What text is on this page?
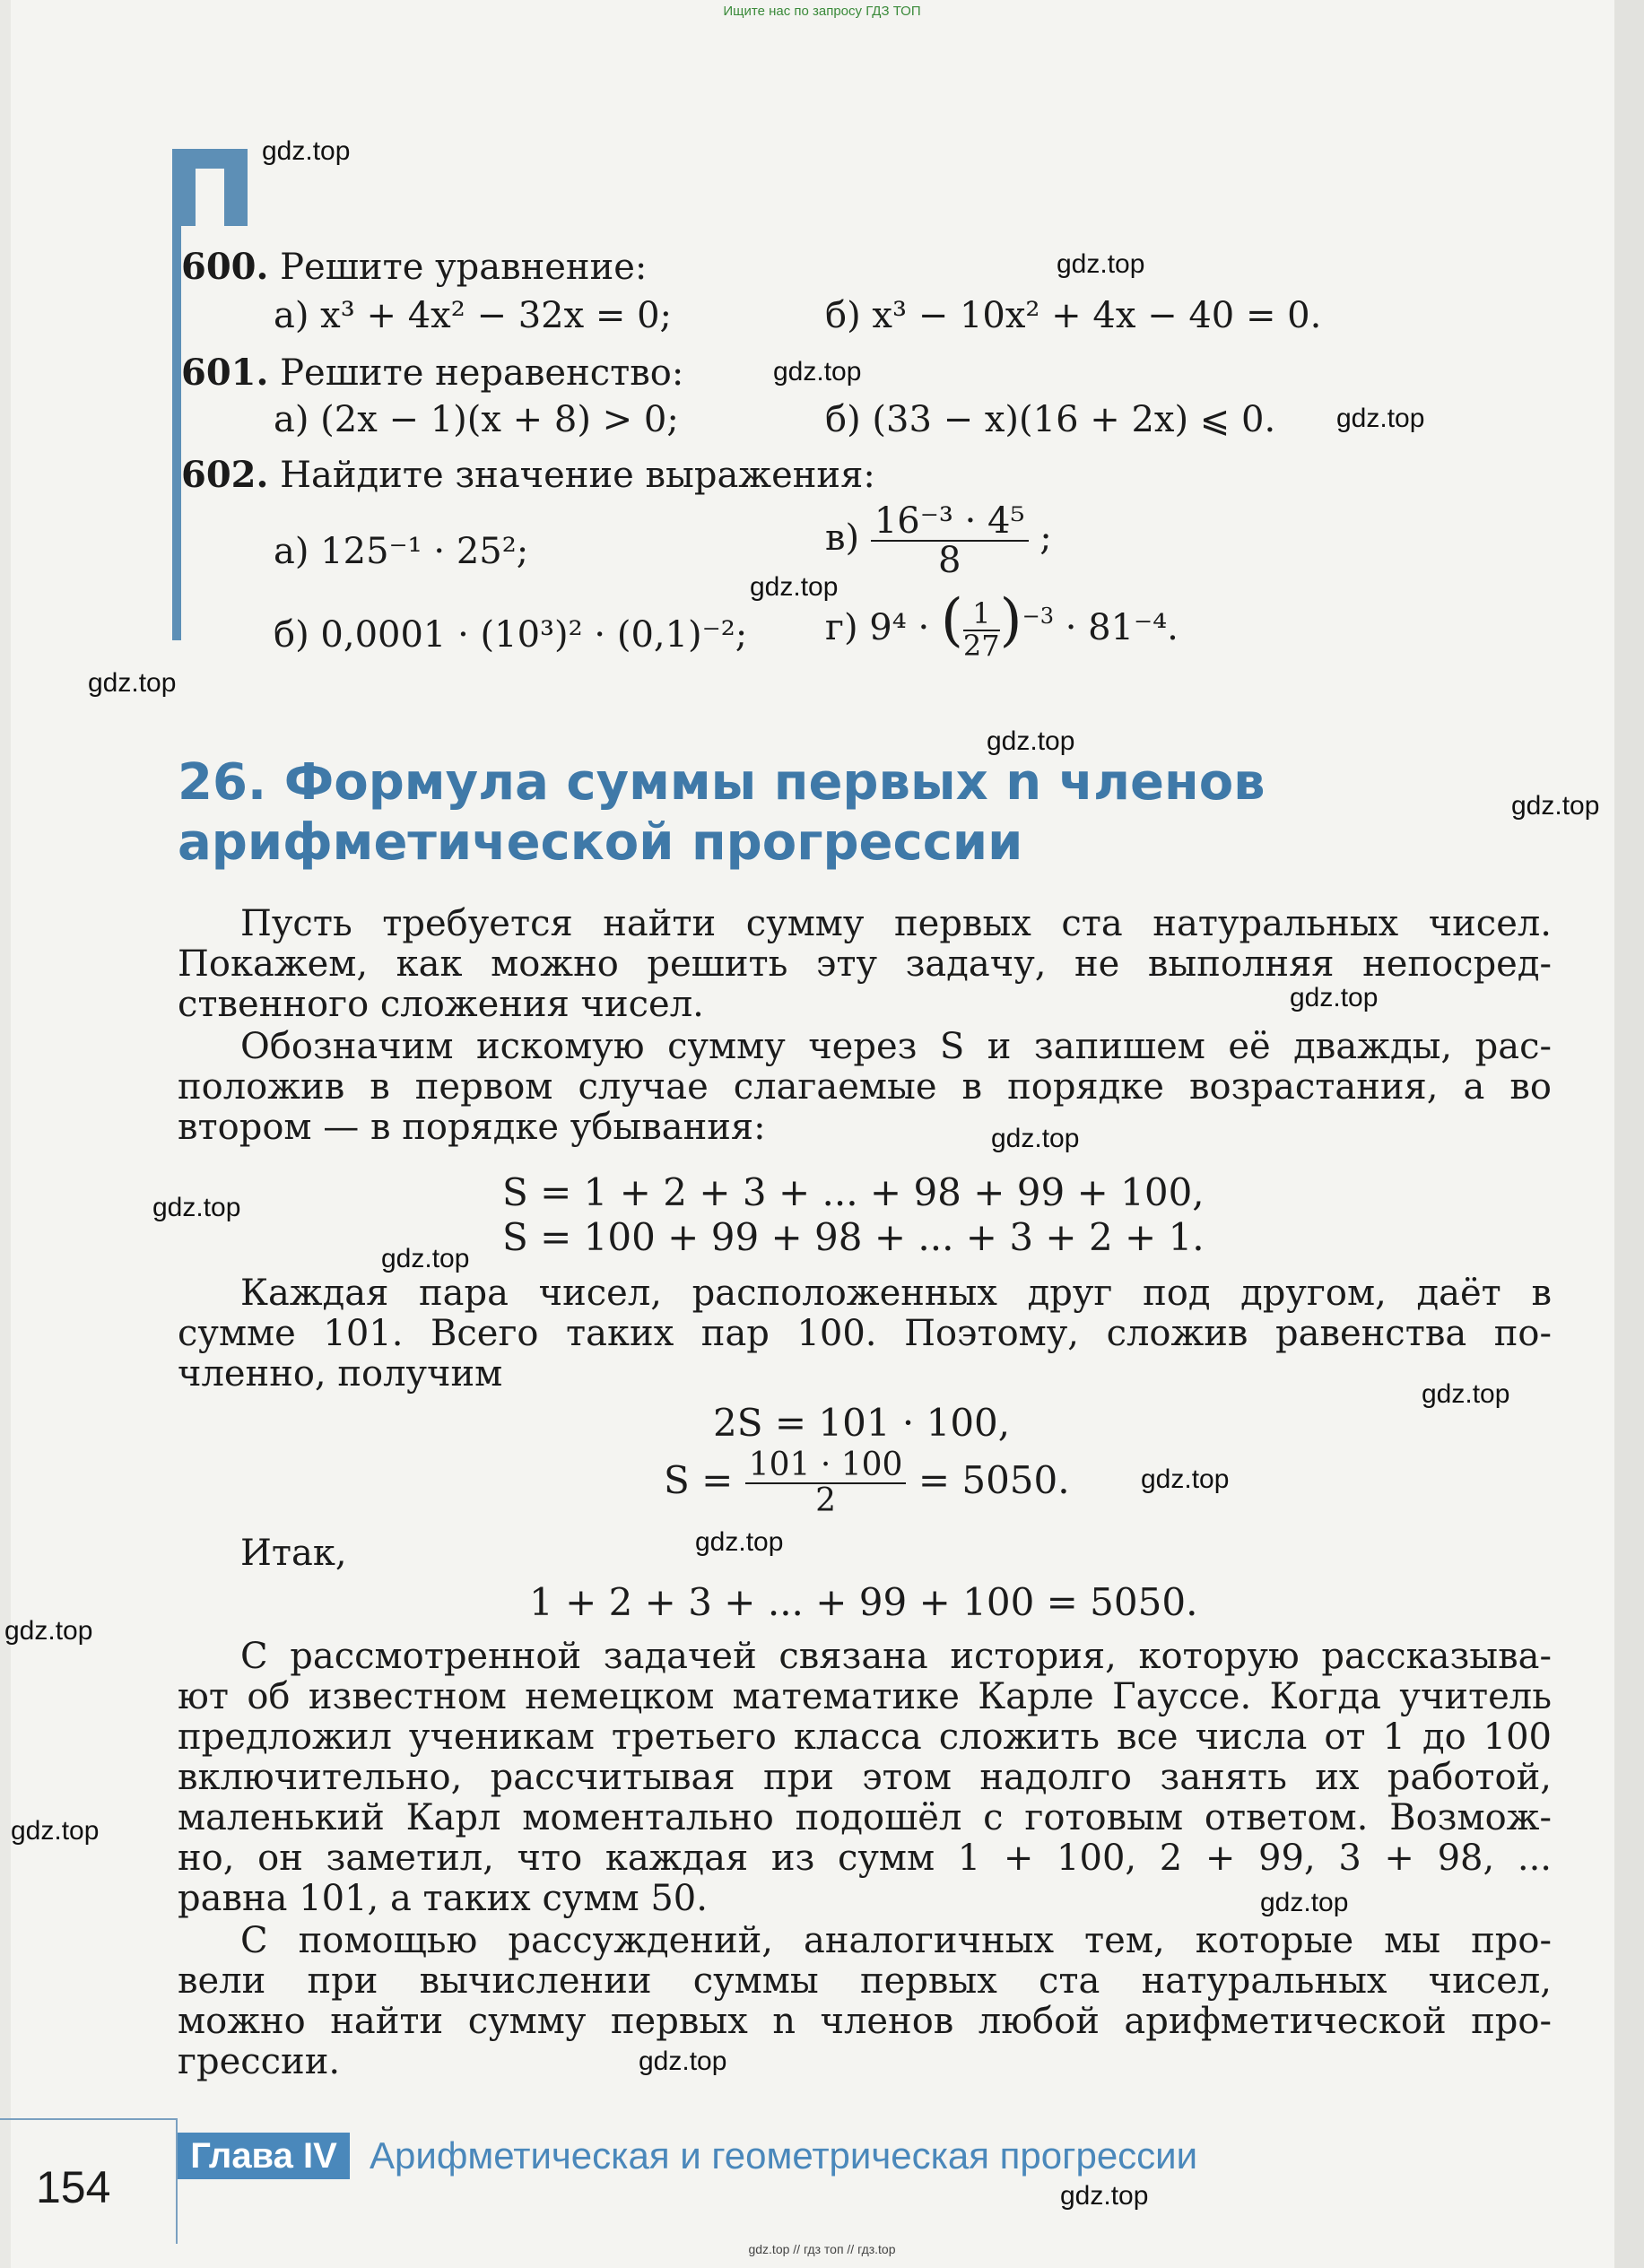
Ищите нас по запросу ГДЗ ТОП
600. Решите уравнение:
а) x³ + 4x² − 32x = 0;	б) x³ − 10x² + 4x − 40 = 0.
601. Решите неравенство:
а) (2x − 1)(x + 8) > 0;	б) (33 − x)(16 + 2x) ⩽ 0.
602. Найдите значение выражения:
а) 125⁻¹ · 25²;	$в) \frac{\text{16⁻³ · 4⁵}}{8}$ ;
б) 0,0001 · (10³)² · (0,1)⁻²; г) 9⁴ · ( $\frac{1}{27} )^{-3} \cdot 81^{-4}$.
26. Формула суммы первых n членов
арифметической прогрессии
Пусть требуется найти сумму первых ста натуральных чисел.
Покажем, как можно решить эту задачу, не выполняя непосред-
ственного сложения чисел.
Обозначим искомую сумму через S и запишем её дважды, рас-
положив в первом случае слагаемые в порядке возрастания, а во
втором — в порядке убывания:
S = 1 + 2 + 3 + ... + 98 + 99 + 100,
S = 100 + 99 + 98 + ... + 3 + 2 + 1.
Каждая пара чисел, расположенных друг под другом, даёт в
сумме 101. Всего таких пар 100. Поэтому, сложив равенства по-
членно, получим
2S = 101 · 100,
$S = \frac{101 \cdot 100}{2} = 5050$.
Итак,
1 + 2 + 3 + ... + 99 + 100 = 5050.
С рассмотренной задачей связана история, которую рассказыва-
ют об известном немецком математике Карле Гауссе. Когда учитель
предложил ученикам третьего класса сложить все числа от 1 до 100
включительно, рассчитывая при этом надолго занять их работой,
маленький Карл моментально подошёл с готовым ответом. Возмож-
но, он заметил, что каждая из сумм 1 + 100, 2 + 99, 3 + 98, ...
равна 101, а таких сумм 50.
С помощью рассуждений, аналогичных тем, которые мы про-
вели при вычислении суммы первых ста натуральных чисел,
можно найти сумму первых n членов любой арифметической про-
грессии.
154
Глава IV Арифметическая и геометрическая прогрессии
gdz.top // гдз топ // гдз.top
gdz.top
gdz.top
gdz.top
gdz.top
gdz.top
gdz.top
gdz.top
gdz.top
gdz.top
gdz.top
gdz.top
gdz.top
gdz.top
gdz.top
gdz.top
gdz.top
gdz.top
gdz.top
gdz.top
gdz.top
